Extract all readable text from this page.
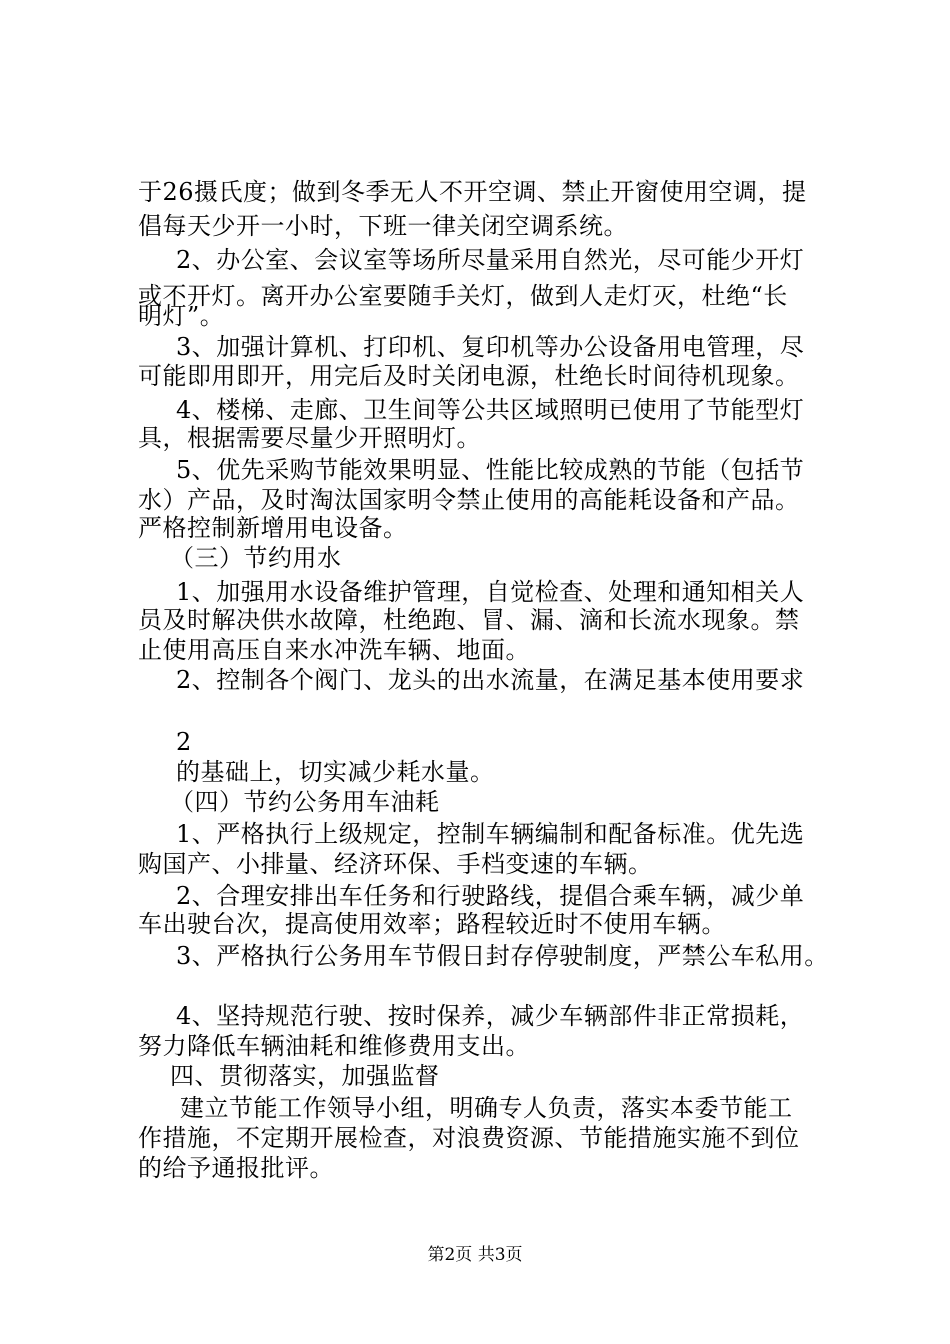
于26摄氏度；做到冬季无人不开空调、禁止开窗使用空调，提
倡每天少开一小时，下班一律关闭空调系统。
2、办公室、会议室等场所尽量采用自然光，尽可能少开灯
或不开灯。离开办公室要随手关灯，做到人走灯灭，杜绝“长
明灯”。
3、加强计算机、打印机、复印机等办公设备用电管理，尽
可能即用即开，用完后及时关闭电源，杜绝长时间待机现象。
4、楼梯、走廊、卫生间等公共区域照明已使用了节能型灯
具，根据需要尽量少开照明灯。
5、优先采购节能效果明显、性能比较成熟的节能（包括节
水）产品，及时淘汰国家明令禁止使用的高能耗设备和产品。
严格控制新增用电设备。
（三）节约用水
1、加强用水设备维护管理，自觉检查、处理和通知相关人
员及时解决供水故障，杜绝跑、冒、漏、滴和长流水现象。禁
止使用高压自来水冲洗车辆、地面。
2、控制各个阀门、龙头的出水流量，在满足基本使用要求
2
的基础上，切实减少耗水量。
（四）节约公务用车油耗
1、严格执行上级规定，控制车辆编制和配备标准。优先选
购国产、小排量、经济环保、手档变速的车辆。
2、合理安排出车任务和行驶路线，提倡合乘车辆，减少单
车出驶台次，提高使用效率；路程较近时不使用车辆。
3、严格执行公务用车节假日封存停驶制度，严禁公车私用。
4、坚持规范行驶、按时保养，减少车辆部件非正常损耗，
努力降低车辆油耗和维修费用支出。
四、贯彻落实，加强监督
建立节能工作领导小组，明确专人负责，落实本委节能工
作措施，不定期开展检查，对浪费资源、节能措施实施不到位
的给予通报批评。
第2页 共3页
